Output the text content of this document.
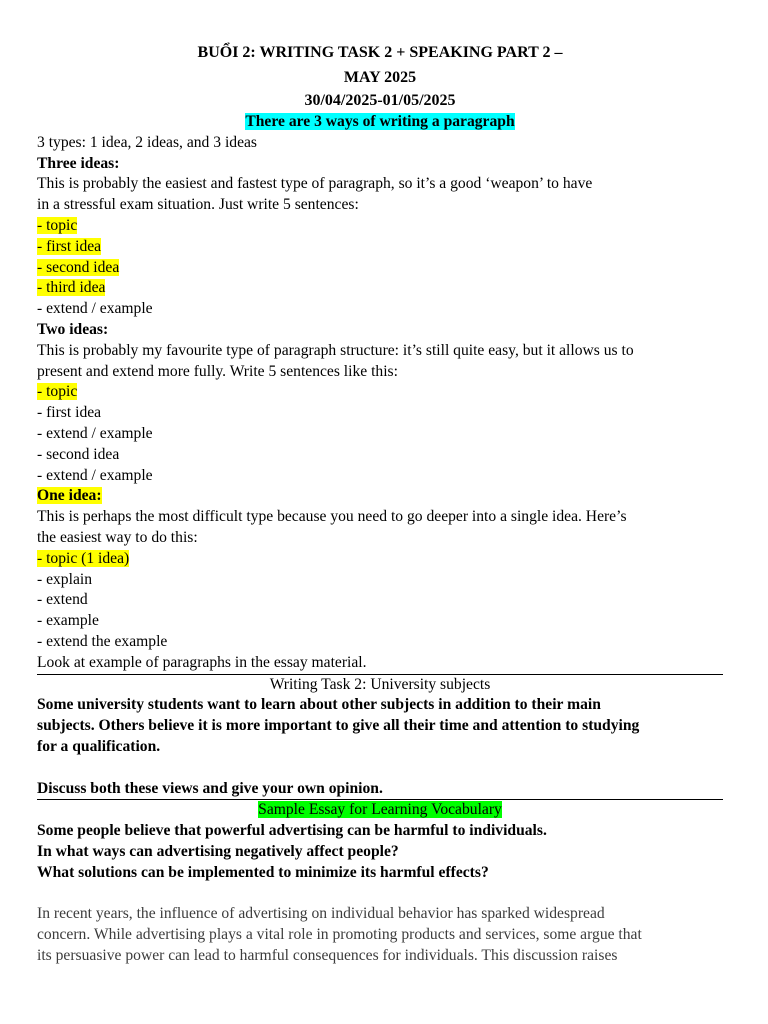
BUỔI 2: WRITING TASK 2 + SPEAKING PART 2 –
MAY 2025
30/04/2025-01/05/2025
There are 3 ways of writing a paragraph
3 types: 1 idea, 2 ideas, and 3 ideas
Three ideas:
This is probably the easiest and fastest type of paragraph, so it’s a good ‘weapon’ to have
in a stressful exam situation. Just write 5 sentences:
- topic
- first idea
- second idea
- third idea
- extend / example
Two ideas:
This is probably my favourite type of paragraph structure: it’s still quite easy, but it allows us to
present and extend more fully. Write 5 sentences like this:
- topic
- first idea
- extend / example
- second idea
- extend / example
One idea:
This is perhaps the most difficult type because you need to go deeper into a single idea. Here’s
the easiest way to do this:
- topic (1 idea)
- explain
- extend
- example
- extend the example
Look at example of paragraphs in the essay material.
Writing Task 2: University subjects
Some university students want to learn about other subjects in addition to their main
subjects. Others believe it is more important to give all their time and attention to studying
for a qualification.
Discuss both these views and give your own opinion.
Sample Essay for Learning Vocabulary
Some people believe that powerful advertising can be harmful to individuals.
In what ways can advertising negatively affect people?
What solutions can be implemented to minimize its harmful effects?
In recent years, the influence of advertising on individual behavior has sparked widespread
concern. While advertising plays a vital role in promoting products and services, some argue that
its persuasive power can lead to harmful consequences for individuals. This discussion raises
